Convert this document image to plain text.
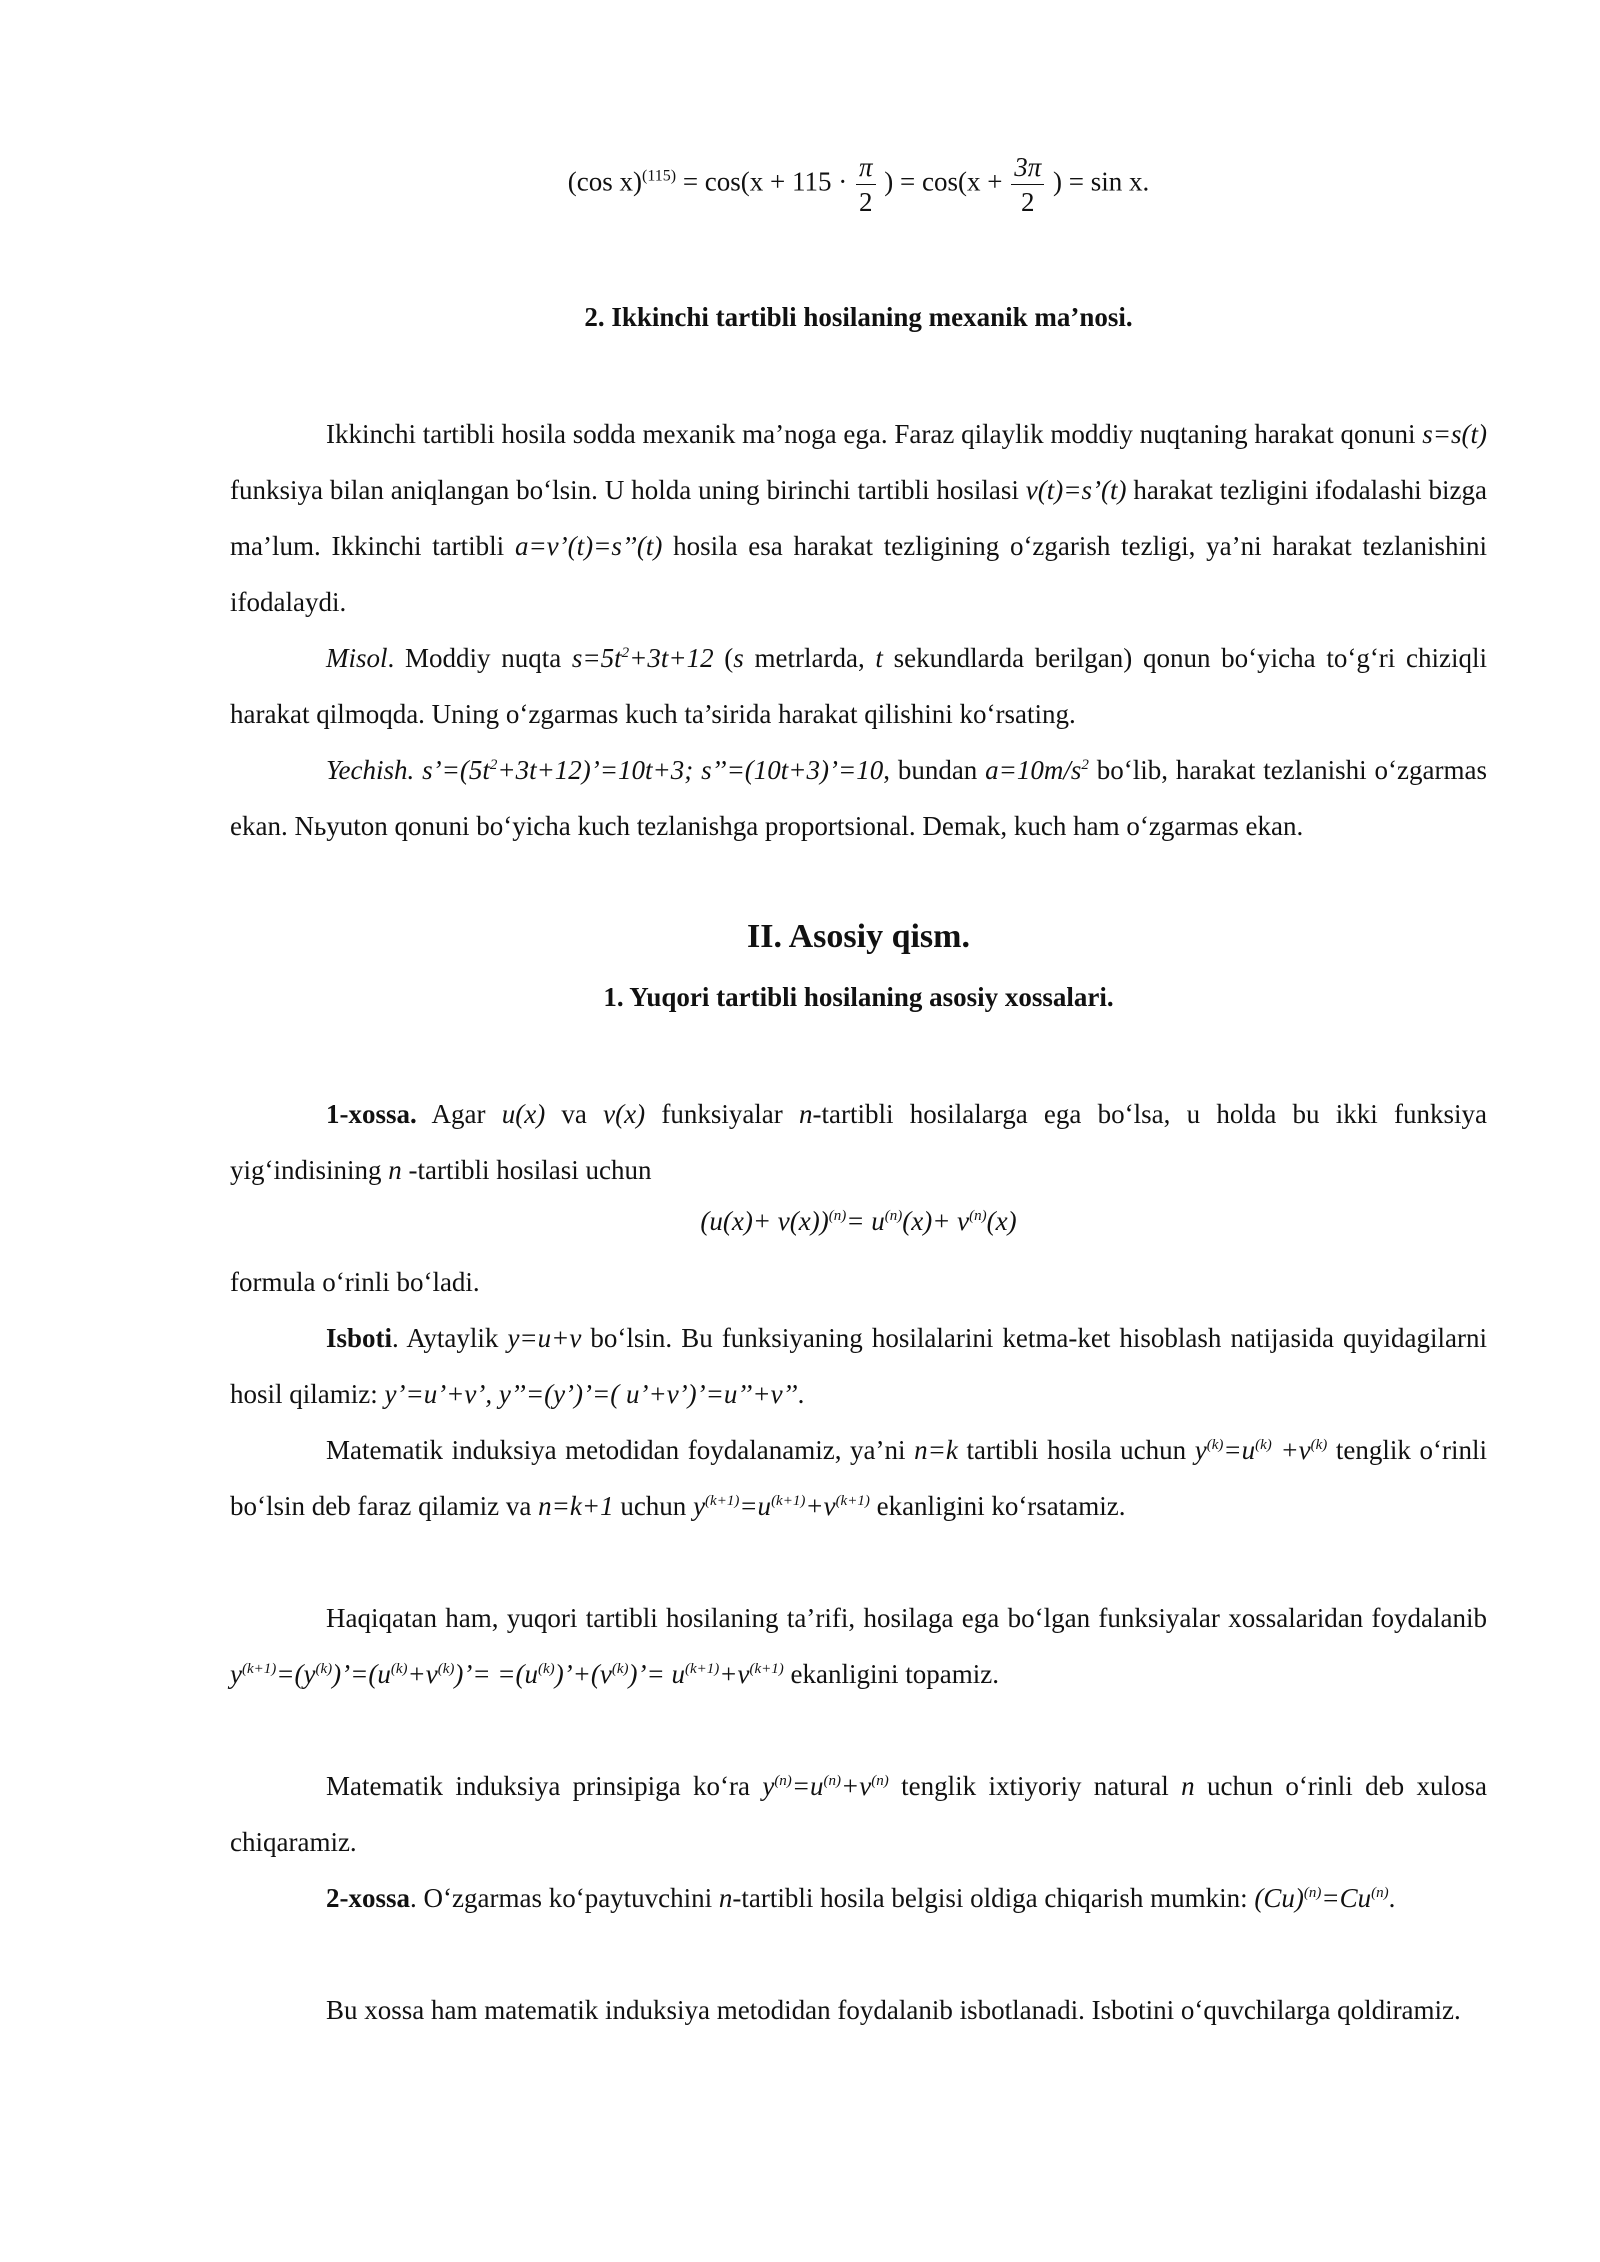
(cos $x)^{(115)} = \cos(x + 115 \cdot \frac{\pi}{2}$ ) = $\cos(x + \frac{3\pi}{2}$ ) = sin x.
2. Ikkinchi tartibli hosilaning mexanik ma’nosi.
Ikkinchi tartibli hosila sodda mexanik ma’noga ega. Faraz qilaylik moddiy nuqtaning harakat qonuni s=s(t) funksiya bilan aniqlangan bo‘lsin. U holda uning birinchi tartibli hosilasi v(t)=s’(t) harakat tezligini ifodalashi bizga ma’lum. Ikkinchi tartibli a=v’(t)=s’’(t) hosila esa harakat tezligining o‘zgarish tezligi, ya’ni harakat tezlanishini ifodalaydi.
Misol. Moddiy nuqta $s=5t^2+3t+12$ (s metrlarda, t sekundlarda berilgan) qonun bo‘yicha to‘g‘ri chiziqli harakat qilmoqda. Uning o‘zgarmas kuch ta’sirida harakat qilishini ko‘rsating.
Yechish. $s’=(5t^2+3t+12)’=10t+3$; s’’=(10t+3)’=10, bundan $a=10m/s^2$ bo‘lib, harakat tezlanishi o‘zgarmas ekan. Nьyuton qonuni bo‘yicha kuch tezlanishga proportsional. Demak, kuch ham o‘zgarmas ekan.
II. Asosiy qism.
1. Yuqori tartibli hosilaning asosiy xossalari.
1-xossa. Agar u(x) va v(x) funksiyalar n-tartibli hosilalarga ega bo‘lsa, u holda bu ikki funksiya yig‘indisining n -tartibli hosilasi uchun
$(u(x)+ v(x))^{(n)}= u^{(n)}(x)+ v^{(n)}(x)$
formula o‘rinli bo‘ladi.
Isboti. Aytaylik y=u+v bo‘lsin. Bu funksiyaning hosilalarini ketma-ket hisoblash natijasida quyidagilarni hosil qilamiz: y’=u’+v’, y’’=(y’)’=( u’+v’)’=u’’+v’’.
Matematik induksiya metodidan foydalanamiz, ya’ni n=k tartibli hosila uchun $y^{(k)}=u^{(k)} +v^{(k)}$ tenglik o‘rinli bo‘lsin deb faraz qilamiz va n=k+1 uchun $y^{(k+1)}=u^{(k+1)}+v^{(k+1)}$ ekanligini ko‘rsatamiz.
Haqiqatan ham, yuqori tartibli hosilaning ta’rifi, hosilaga ega bo‘lgan funksiyalar xossalaridan foydalanib $y^{(k+1)}=(y^{(k)})’=(u^{(k)}+v^{(k)})’=$ $=(u^{(k)})’+(v^{(k)})’= u^{(k+1)}+v^{(k+1)}$ ekanligini topamiz.
Matematik induksiya prinsipiga ko‘ra $y^{(n)}=u^{(n)}+v^{(n)}$ tenglik ixtiyoriy natural n uchun o‘rinli deb xulosa chiqaramiz.
2-xossa. O‘zgarmas ko‘paytuvchini n-tartibli hosila belgisi oldiga chiqarish mumkin: $(Cu)^{(n)}=Cu^{(n)}$.
Bu xossa ham matematik induksiya metodidan foydalanib isbotlanadi. Isbotini o‘quvchilarga qoldiramiz.
